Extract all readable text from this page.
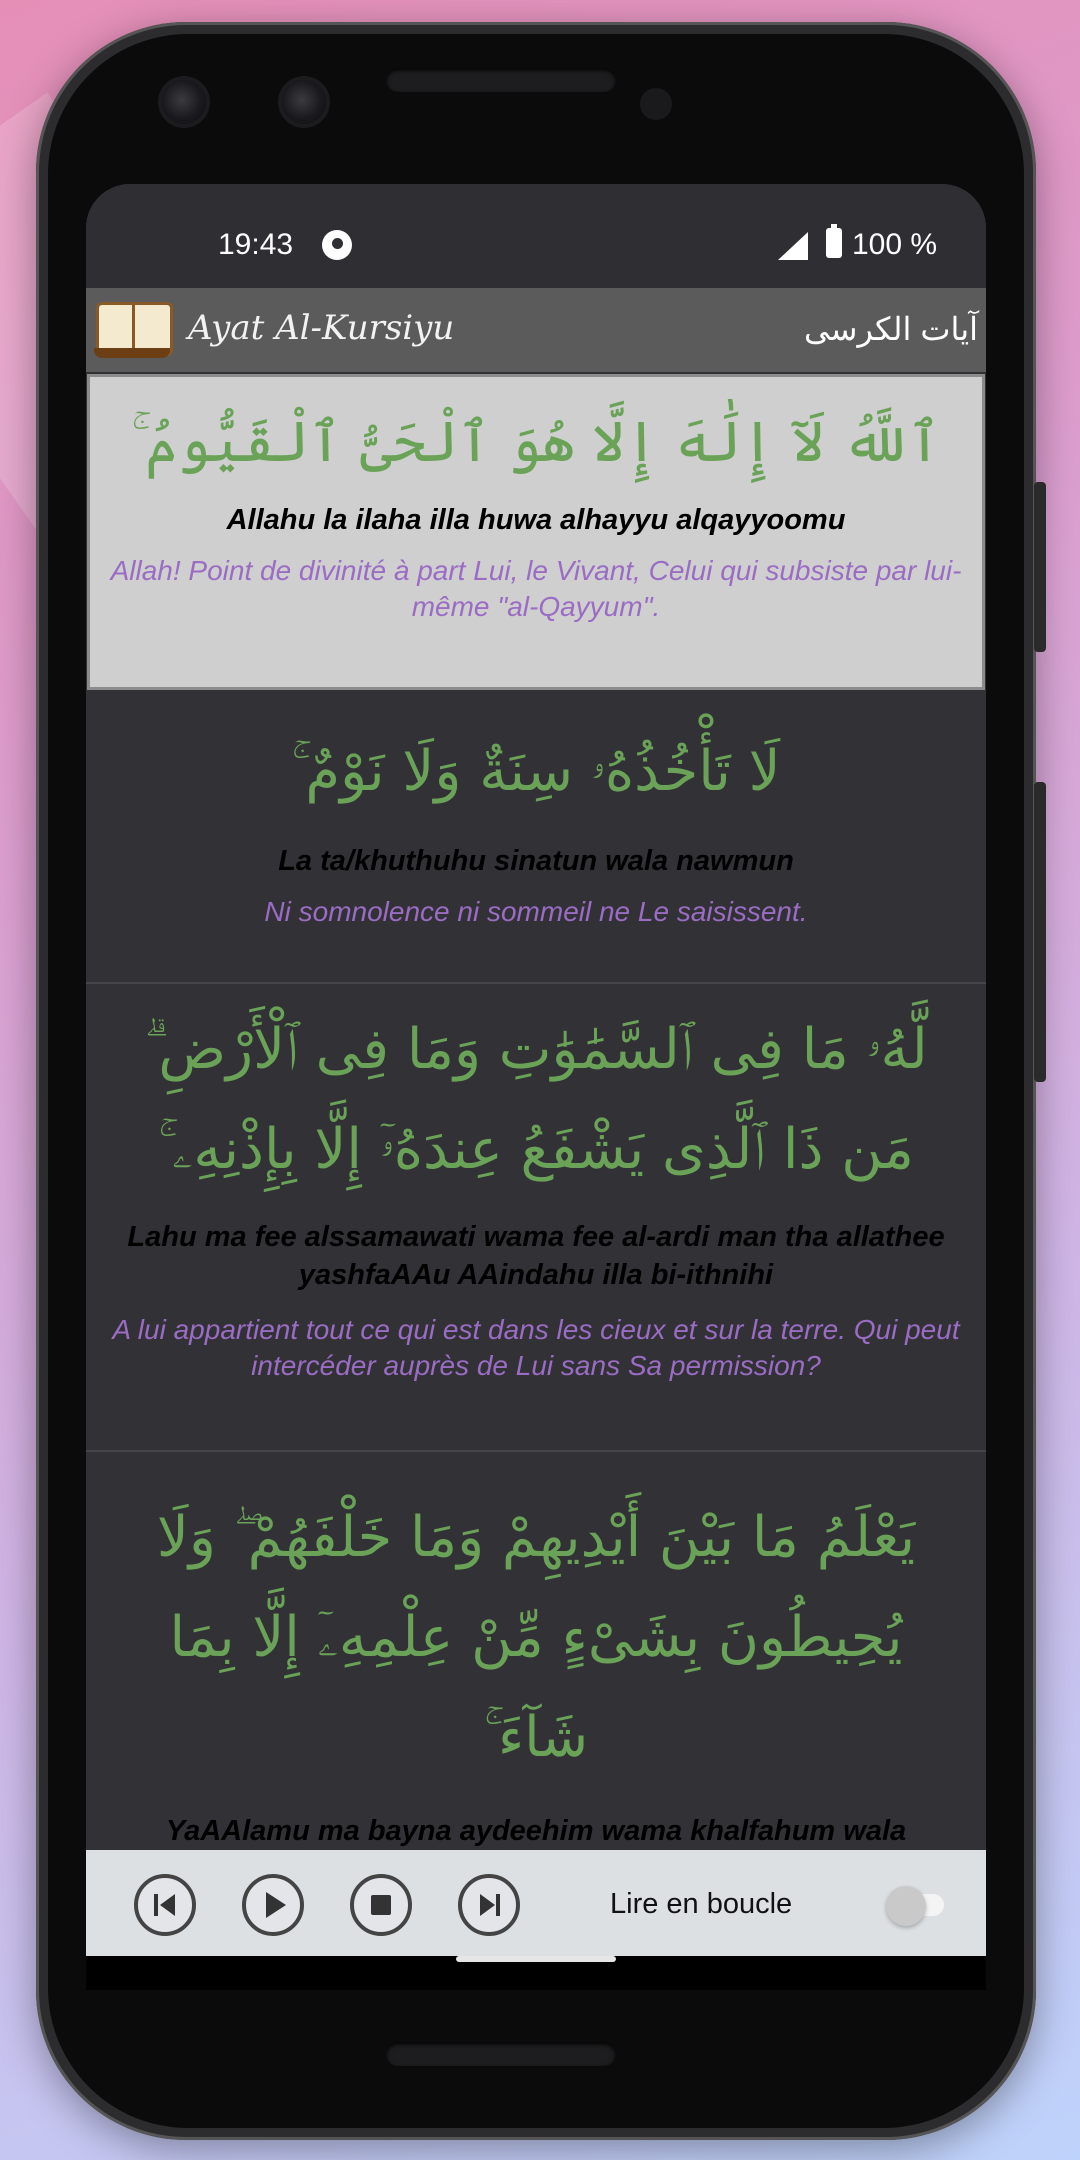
19:43	100 %
Ayat Al-Kursiyu	آيات الكرسى
ٱللَّهُ لَآ إِلَٰهَ إِلَّا هُوَ ٱلْحَىُّ ٱلْقَيُّومُ ۚ
Allahu la ilaha illa huwa alhayyu alqayyoomu
Allah! Point de divinité à part Lui, le Vivant, Celui qui subsiste par lui-même "al-Qayyum".
لَا تَأْخُذُهُۥ سِنَةٌ وَلَا نَوْمٌ ۚ
La ta/khuthuhu sinatun wala nawmun
Ni somnolence ni sommeil ne Le saisissent.
لَّهُۥ مَا فِى ٱلسَّمَٰوَٰتِ وَمَا فِى ٱلْأَرْضِ ۗ مَن ذَا ٱلَّذِى يَشْفَعُ عِندَهُۥٓ إِلَّا بِإِذْنِهِۦ ۚ
Lahu ma fee alssamawati wama fee al-ardi man tha allathee yashfaAAu AAindahu illa bi-ithnihi
A lui appartient tout ce qui est dans les cieux et sur la terre. Qui peut intercéder auprès de Lui sans Sa permission?
يَعْلَمُ مَا بَيْنَ أَيْدِيهِمْ وَمَا خَلْفَهُمْ ۖ وَلَا يُحِيطُونَ بِشَىْءٍ مِّنْ عِلْمِهِۦٓ إِلَّا بِمَا شَآءَ ۚ
YaAAlamu ma bayna aydeehim wama khalfahum wala
Lire en boucle
